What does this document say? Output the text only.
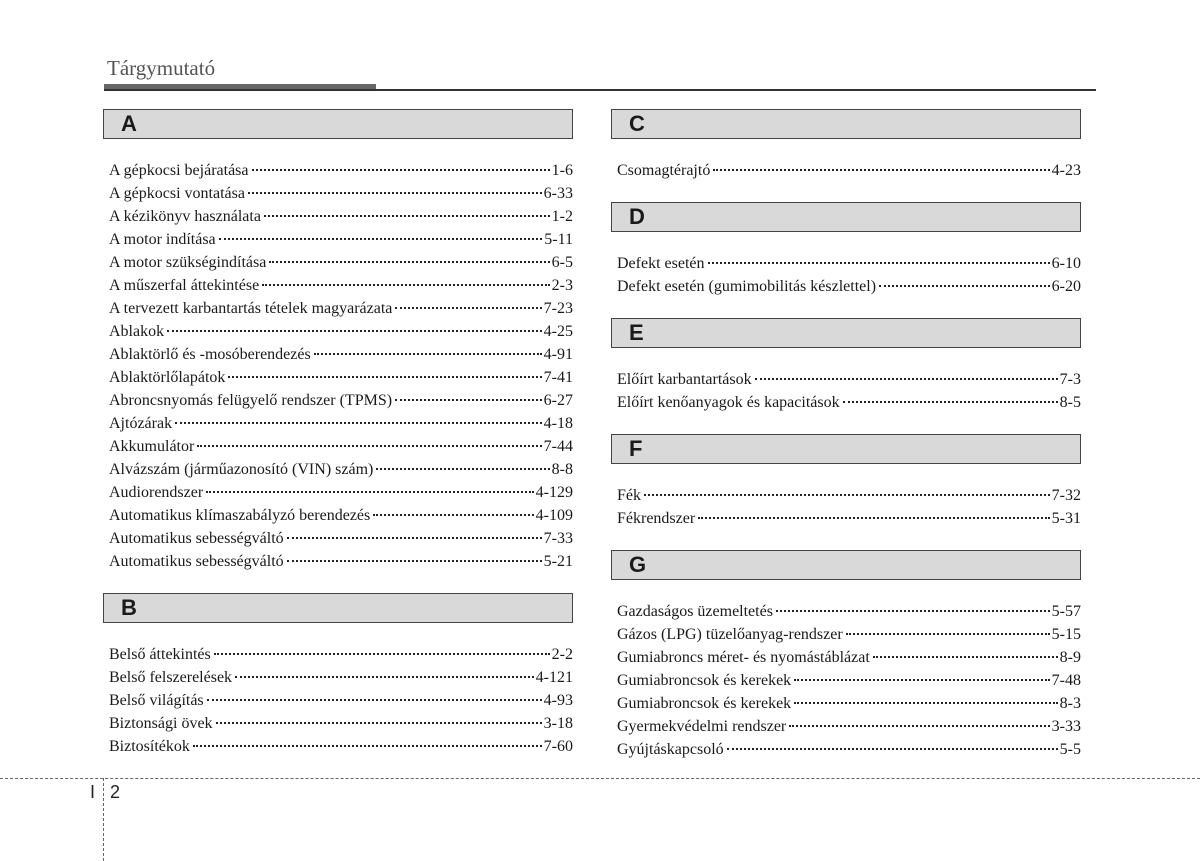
Tárgymutató
A
A gépkocsi bejáratása	1-6
A gépkocsi vontatása	6-33
A kézikönyv használata	1-2
A motor indítása	5-11
A motor szükségindítása	6-5
A műszerfal áttekintése	2-3
A tervezett karbantartás tételek magyarázata	7-23
Ablakok	4-25
Ablaktörlő és -mosóberendezés	4-91
Ablaktörlőlapátok	7-41
Abroncsnyomás felügyelő rendszer (TPMS)	6-27
Ajtózárak	4-18
Akkumulátor	7-44
Alvázszám (járműazonosító (VIN) szám)	8-8
Audiorendszer	4-129
Automatikus klímaszabályzó berendezés	4-109
Automatikus sebességváltó	7-33
Automatikus sebességváltó	5-21
B
Belső áttekintés	2-2
Belső felszerelések	4-121
Belső világítás	4-93
Biztonsági övek	3-18
Biztosítékok	7-60
C
Csomagtérajtó	4-23
D
Defekt esetén	6-10
Defekt esetén (gumimobilitás készlettel)	6-20
E
Előírt karbantartások	7-3
Előírt kenőanyagok és kapacitások	8-5
F
Fék	7-32
Fékrendszer	5-31
G
Gazdaságos üzemeltetés	5-57
Gázos (LPG) tüzelőanyag-rendszer	5-15
Gumiabroncs méret- és nyomástáblázat	8-9
Gumiabroncsok és kerekek	7-48
Gumiabroncsok és kerekek	8-3
Gyermekvédelmi rendszer	3-33
Gyújtáskapcsoló	5-5
I 2
